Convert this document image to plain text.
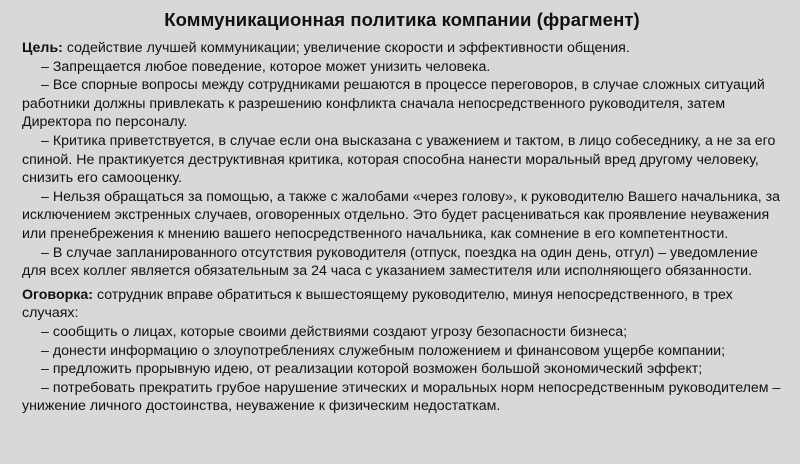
Коммуникационная политика компании (фрагмент)

Цель: содействие лучшей коммуникации; увеличение скорости и эффективности общения.

– Запрещается любое поведение, которое может унизить человека.

– Все спорные вопросы между сотрудниками решаются в процессе переговоров, в случае сложных ситуаций работники должны привлекать к разрешению конфликта сначала непосредственного руководителя, затем Директора по персоналу.

– Критика приветствуется, в случае если она высказана с уважением и тактом, в лицо собеседнику, а не за его спиной. Не практикуется деструктивная критика, которая способна нанести моральный вред другому человеку, снизить его самооценку.

– Нельзя обращаться за помощью, а также с жалобами «через голову», к руководителю Вашего начальника, за исключением экстренных случаев, оговоренных отдельно. Это будет расцениваться как проявление неуважения или пренебрежения к мнению вашего непосредственного начальника, как сомнение в его компетентности.

– В случае запланированного отсутствия руководителя (отпуск, поездка на один день, отгул) – уведомление для всех коллег является обязательным за 24 часа с указанием заместителя или исполняющего обязанности.

Оговорка: сотрудник вправе обратиться к вышестоящему руководителю, минуя непосредственного, в трех случаях:

– сообщить о лицах, которые своими действиями создают угрозу безопасности бизнеса;

– донести информацию о злоупотреблениях служебным положением и финансовом ущербе компании;

– предложить прорывную идею, от реализации которой возможен большой экономический эффект;

– потребовать прекратить грубое нарушение этических и моральных норм непосредственным руководителем – унижение личного достоинства, неуважение к физическим недостаткам.
